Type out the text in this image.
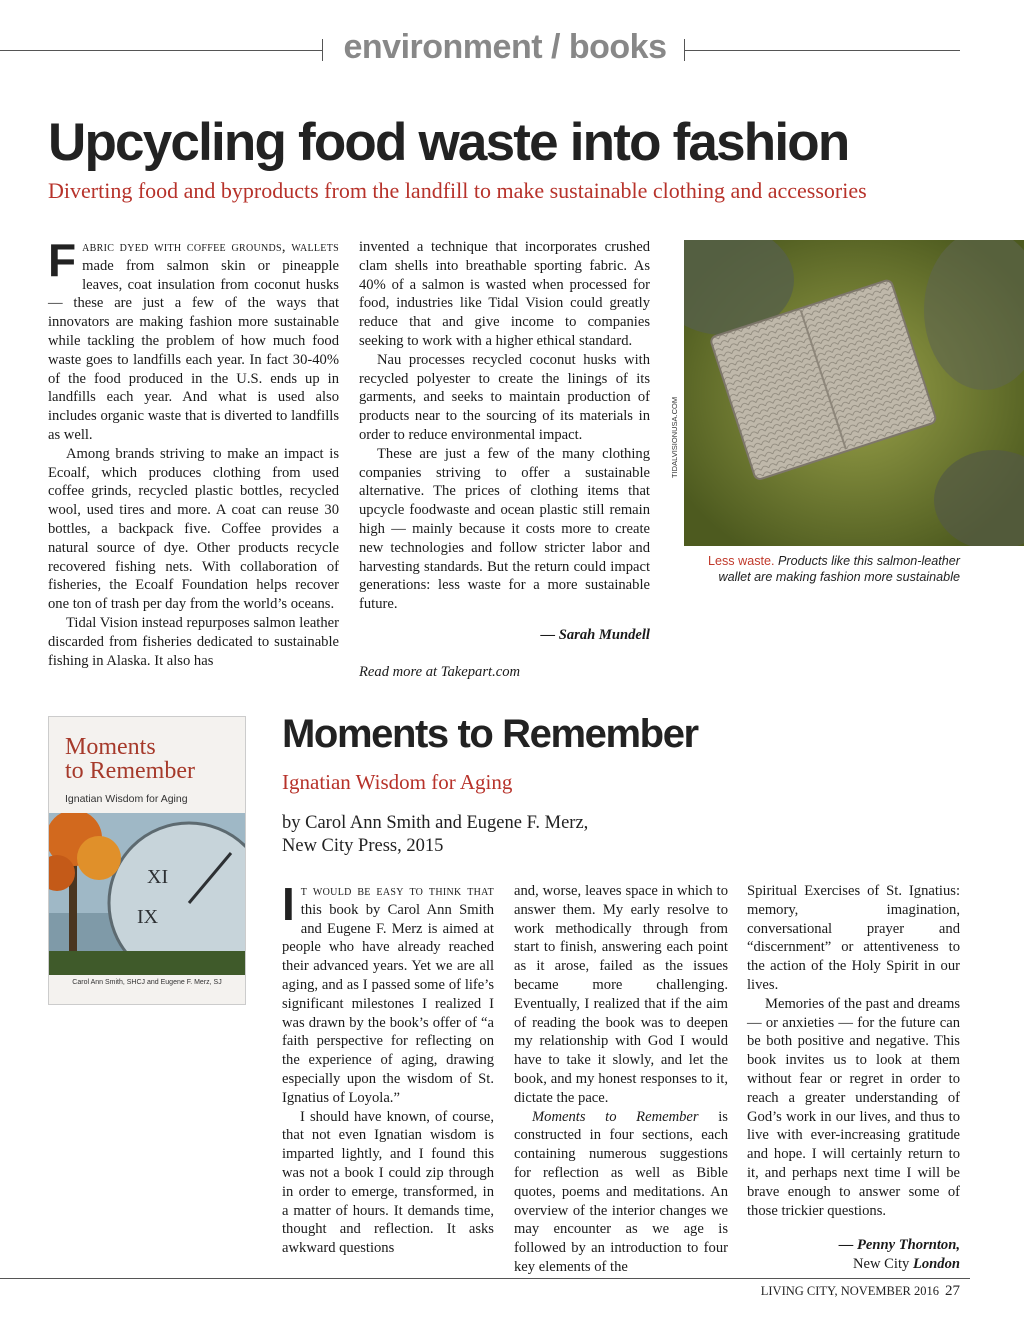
environment / books
Upcycling food waste into fashion
Diverting food and byproducts from the landfill to make sustainable clothing and accessories

Fabric dyed with coffee grounds, wallets made from salmon skin or pineapple leaves, coat insulation from coconut husks — these are just a few of the ways that innovators are making fashion more sustainable while tackling the problem of how much food waste goes to landfills each year. In fact 30-40% of the food produced in the U.S. ends up in landfills each year. And what is used also includes organic waste that is diverted to landfills as well.

Among brands striving to make an impact is Ecoalf, which produces clothing from used coffee grinds, recycled plastic bottles, recycled wool, used tires and more. A coat can reuse 30 bottles, a backpack five. Coffee provides a natural source of dye. Other products recycle recovered fishing nets. With collaboration of fisheries, the Ecoalf Foundation helps recover one ton of trash per day from the world’s oceans.

Tidal Vision instead repurposes salmon leather discarded from fisheries dedicated to sustainable fishing in Alaska. It also has

invented a technique that incorporates crushed clam shells into breathable sporting fabric. As 40% of a salmon is wasted when processed for food, industries like Tidal Vision could greatly reduce that and give income to companies seeking to work with a higher ethical standard.

Nau processes recycled coconut husks with recycled polyester to create the linings of its garments, and seeks to maintain production of products near to the sourcing of its materials in order to reduce environmental impact.

These are just a few of the many clothing companies striving to offer a sustainable alternative. The prices of clothing items that upcycle foodwaste and ocean plastic still remain high — mainly because it costs more to create new technologies and follow stricter labor and harvesting standards. But the return could impact generations: less waste for a more sustainable future.

— Sarah Mundell

Read more at Takepart.com

TIDALVISIONUSA.COM
Less waste. Products like this salmon-leather wallet are making fashion more sustainable
Moments
to Remember
Ignatian Wisdom for Aging
XI
IX
Carol Ann Smith, SHCJ and Eugene F. Merz, SJ
Moments to Remember
Ignatian Wisdom for Aging
by Carol Ann Smith and Eugene F. Merz,
New City Press, 2015

It would be easy to think that this book by Carol Ann Smith and Eugene F. Merz is aimed at people who have already reached their advanced years. Yet we are all aging, and as I passed some of life’s significant milestones I realized I was drawn by the book’s offer of “a faith perspective for reflecting on the experience of aging, drawing especially upon the wisdom of St. Ignatius of Loyola.”

I should have known, of course, that not even Ignatian wisdom is imparted lightly, and I found this was not a book I could zip through in order to emerge, transformed, in a matter of hours. It demands time, thought and reflection. It asks awkward questions

and, worse, leaves space in which to answer them. My early resolve to work methodically through from start to finish, answering each point as it arose, failed as the issues became more challenging. Eventually, I realized that if the aim of reading the book was to deepen my relationship with God I would have to take it slowly, and let the book, and my honest responses to it, dictate the pace.

Moments to Remember is constructed in four sections, each containing numerous suggestions for reflection as well as Bible quotes, poems and meditations. An overview of the interior changes we may encounter as we age is followed by an introduction to four key elements of the

Spiritual Exercises of St. Ignatius: memory, imagination, conversational prayer and “discernment” or attentiveness to the action of the Holy Spirit in our lives.

Memories of the past and dreams — or anxieties — for the future can be both positive and negative. This book invites us to look at them without fear or regret in order to reach a greater understanding of God’s work in our lives, and thus to live with ever-increasing gratitude and hope. I will certainly return to it, and perhaps next time I will be brave enough to answer some of those trickier questions.

— Penny Thornton,

New City London

LIVING CITY, NOVEMBER 2016 27
